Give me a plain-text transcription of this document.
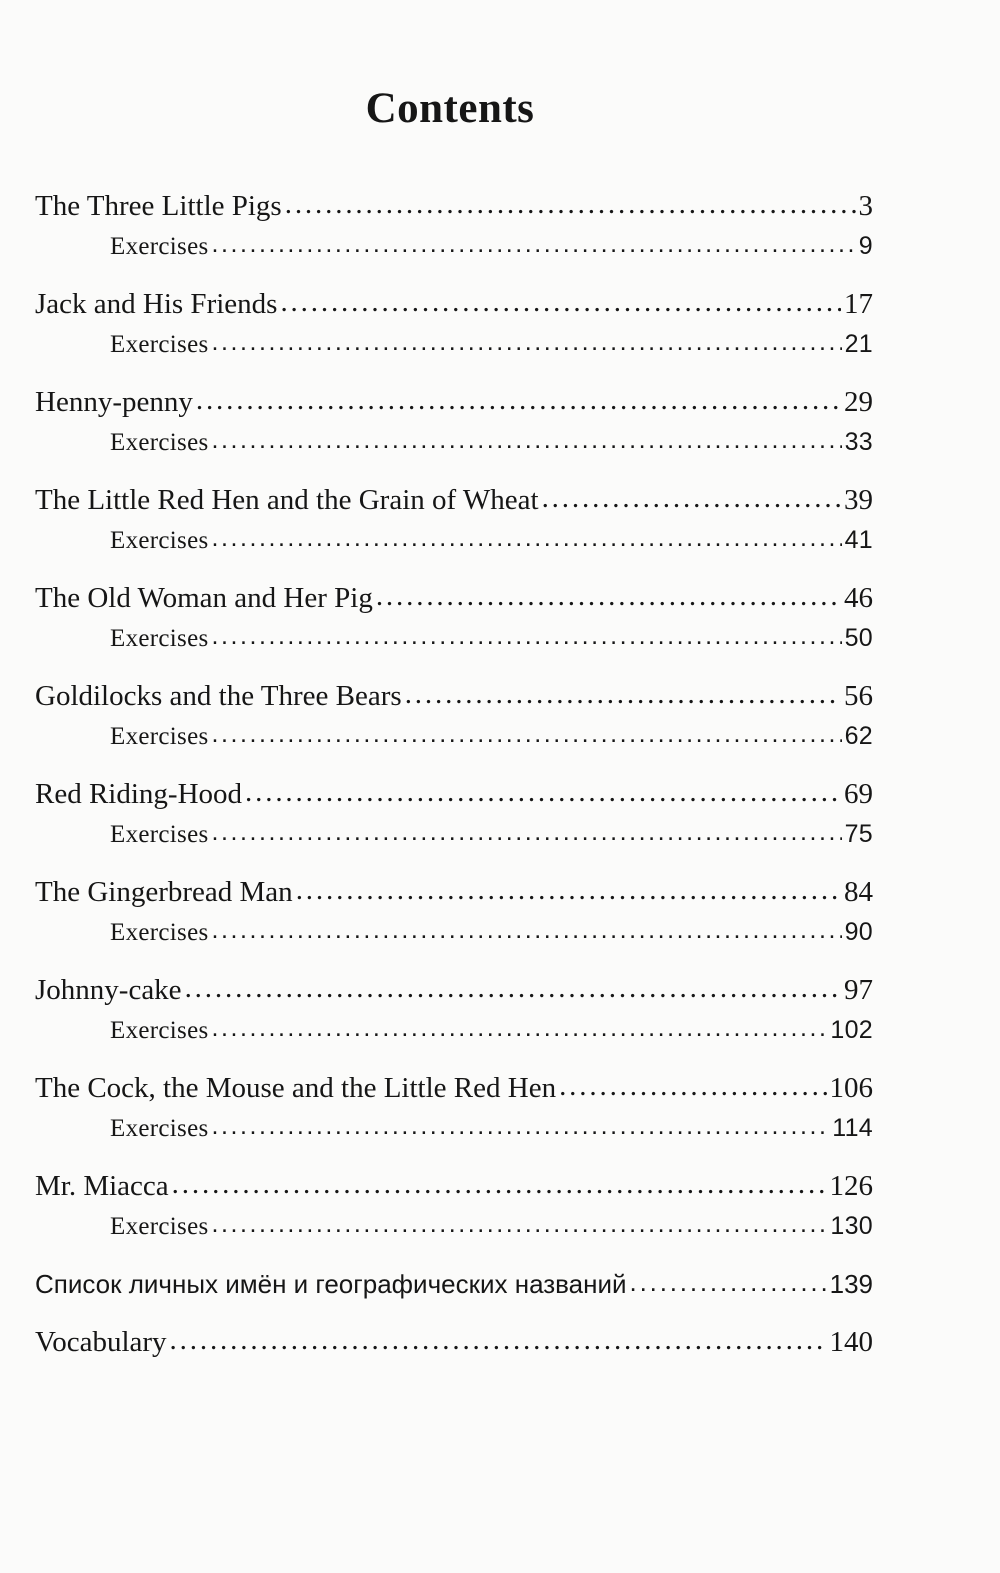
Contents
The Three Little Pigs . . .	3
Exercises . . .	9
Jack and His Friends . . .	17
Exercises . . .	21
Henny-penny . . .	29
Exercises . . .	33
The Little Red Hen and the Grain of Wheat . . .	39
Exercises . . .	41
The Old Woman and Her Pig . . .	46
Exercises . . .	50
Goldilocks and the Three Bears . . .	56
Exercises . . .	62
Red Riding-Hood . . .	69
Exercises . . .	75
The Gingerbread Man . . .	84
Exercises . . .	90
Johnny-cake . . .	97
Exercises . . .	102
The Cock, the Mouse and the Little Red Hen . . .	106
Exercises . . .	114
Mr. Miacca . . .	126
Exercises . . .	130
Список личных имён и географических названий . . .	139
Vocabulary . . .	140
